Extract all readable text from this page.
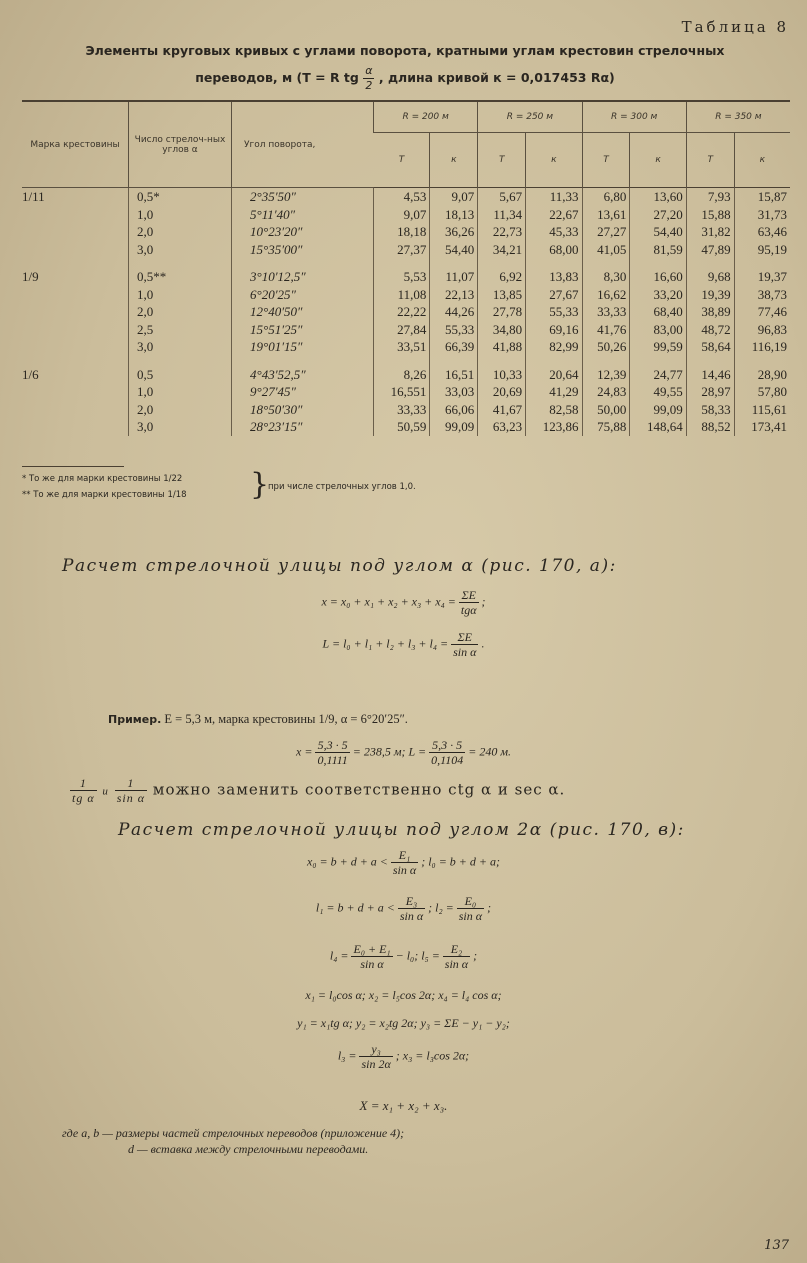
Таблица 8
Элементы круговых кривых с углами поворота, кратными углам крестовин стрелочных
переводов, м (T = R tg $\frac{\alpha}{2}$ , длина кривой к = 0,017453 Rα)
Марка крестовины	Число стрелоч-ных углов α	Угол поворота,	R = 200 м		R = 250 м		R = 300 м		R = 350 м	
			T	к	T	к	T	к	T	к
1/11	0,5*	2°35′50″	4,53	9,07	5,67	11,33	6,80	13,60	7,93	15,87
	1,0	5°11′40″	9,07	18,13	11,34	22,67	13,61	27,20	15,88	31,73
	2,0	10°23′20″	18,18	36,26	22,73	45,33	27,27	54,40	31,82	63,46
	3,0	15°35′00″	27,37	54,40	34,21	68,00	41,05	81,59	47,89	95,19

1/9	0,5**	3°10′12,5″	5,53	11,07	6,92	13,83	8,30	16,60	9,68	19,37
	1,0	6°20′25″	11,08	22,13	13,85	27,67	16,62	33,20	19,39	38,73
	2,0	12°40′50″	22,22	44,26	27,78	55,33	33,33	68,40	38,89	77,46
	2,5	15°51′25″	27,84	55,33	34,80	69,16	41,76	83,00	48,72	96,83
	3,0	19°01′15″	33,51	66,39	41,88	82,99	50,26	99,59	58,64	116,19

1/6	0,5	4°43′52,5″	8,26	16,51	10,33	20,64	12,39	24,77	14,46	28,90
	1,0	9°27′45″	16,551	33,03	20,69	41,29	24,83	49,55	28,97	57,80
	2,0	18°50′30″	33,33	66,06	41,67	82,58	50,00	99,09	58,33	115,61
	3,0	28°23′15″	50,59	99,09	63,23	123,86	75,88	148,64	88,52	173,41
* То же для марки крестовины 1/22
** То же для марки крестовины 1/18 }
при числе стрелочных углов 1,0.
Расчет стрелочной улицы под углом α (рис. 170, а):
$x = x_0 + x_1 + x_2 + x_3 + x_4 = \frac{\Sigma E}{\text{tgα}}$ ;
$L = l_0 + l_1 + l_2 + l_3 + l_4 = \frac{\Sigma E}{\text{sin α}}$ .
Пример. E = 5,3 м, марка крестовины 1/9, α = 6°20′25″.
$x = \frac{5,3 \cdot 5}{0,1111} = 238,5$ м; $L = \frac{5,3 \cdot 5}{0,1104} = 240$ м.
$\frac{1}{\text{tg α}}$ и $\frac{1}{\text{sin α}}$ можно заменить соответственно ctg α и sec α.
Расчет стрелочной улицы под углом 2α (рис. 170, в):
$x_0 = b + d + a < \frac{\text{E₁}}{\text{sin α}}$ ; l₀ = b + d + a;
$l_1 = b + d + a < \frac{\text{E₃}}{\text{sin α}}$ ; $l_2 = \frac{\text{E₀}}{\text{sin α}}$ ;
$l_4 = \frac{\text{E₀ + E₁}}{\text{sin α}} - l_0$; $l_5 = \frac{\text{E₂}}{\text{sin α}}$ ;
x₁ = l₀cos α; x₂ = l₅cos 2α; x₄ = l₄ cos α;
y₁ = x₁tg α; y₂ = x₂tg 2α; y₃ = ΣE − y₁ − y₂;
$l_3 = \frac{\text{y₃}}{\sin 2\alpha}$ ; x₃ = l₃cos 2α;
X = x₁ + x₂ + x₃.
где a, b — размеры частей стрелочных переводов (приложение 4);
d — вставка между стрелочными переводами.
137
